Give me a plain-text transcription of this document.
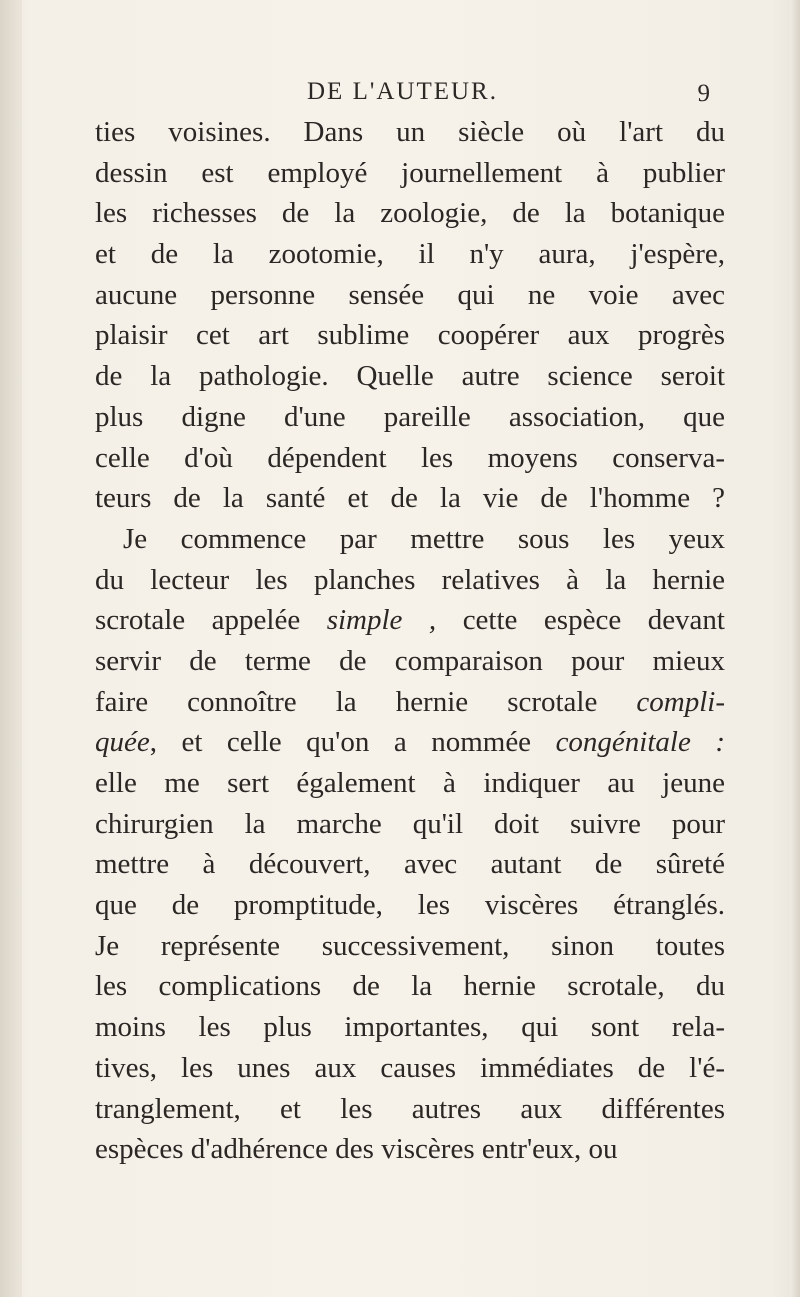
DE L'AUTEUR.	9
ties voisines. Dans un siècle où l'art du
dessin est employé journellement à publier
les richesses de la zoologie, de la botanique
et de la zootomie, il n'y aura, j'espère,
aucune personne sensée qui ne voie avec
plaisir cet art sublime coopérer aux progrès
de la pathologie. Quelle autre science seroit
plus digne d'une pareille association, que
celle d'où dépendent les moyens conserva-
teurs de la santé et de la vie de l'homme ?
Je commence par mettre sous les yeux
du lecteur les planches relatives à la hernie
scrotale appelée simple , cette espèce devant
servir de terme de comparaison pour mieux
faire connoître la hernie scrotale compli-
quée, et celle qu'on a nommée congénitale :
elle me sert également à indiquer au jeune
chirurgien la marche qu'il doit suivre pour
mettre à découvert, avec autant de sûreté
que de promptitude, les viscères étranglés.
Je représente successivement, sinon toutes
les complications de la hernie scrotale, du
moins les plus importantes, qui sont rela-
tives, les unes aux causes immédiates de l'é-
tranglement, et les autres aux différentes
espèces d'adhérence des viscères entr'eux, ou
